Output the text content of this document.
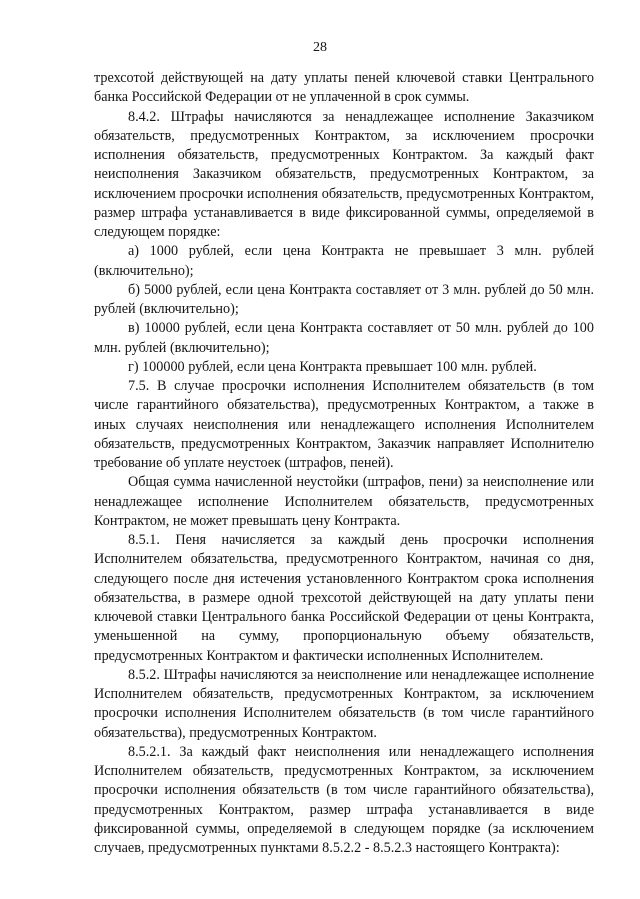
28

трехсотой действующей на дату уплаты пеней ключевой ставки Центрального банка Российской Федерации от не уплаченной в срок суммы.

8.4.2. Штрафы начисляются за ненадлежащее исполнение Заказчиком обязательств, предусмотренных Контрактом, за исключением просрочки исполнения обязательств, предусмотренных Контрактом. За каждый факт неисполнения Заказчиком обязательств, предусмотренных Контрактом, за исключением просрочки исполнения обязательств, предусмотренных Контрактом, размер штрафа устанавливается в виде фиксированной суммы, определяемой в следующем порядке:

а) 1000 рублей, если цена Контракта не превышает 3 млн. рублей (включительно);

б) 5000 рублей, если цена Контракта составляет от 3 млн. рублей до 50 млн. рублей (включительно);

в) 10000 рублей, если цена Контракта составляет от 50 млн. рублей до 100 млн. рублей (включительно);

г) 100000 рублей, если цена Контракта превышает 100 млн. рублей.

7.5. В случае просрочки исполнения Исполнителем обязательств (в том числе гарантийного обязательства), предусмотренных Контрактом, а также в иных случаях неисполнения или ненадлежащего исполнения Исполнителем обязательств, предусмотренных Контрактом, Заказчик направляет Исполнителю требование об уплате неустоек (штрафов, пеней).

Общая сумма начисленной неустойки (штрафов, пени) за неисполнение или ненадлежащее исполнение Исполнителем обязательств, предусмотренных Контрактом, не может превышать цену Контракта.

8.5.1. Пеня начисляется за каждый день просрочки исполнения Исполнителем обязательства, предусмотренного Контрактом, начиная со дня, следующего после дня истечения установленного Контрактом срока исполнения обязательства, в размере одной трехсотой действующей на дату уплаты пени ключевой ставки Центрального банка Российской Федерации от цены Контракта, уменьшенной на сумму, пропорциональную объему обязательств, предусмотренных Контрактом и фактически исполненных Исполнителем.

8.5.2. Штрафы начисляются за неисполнение или ненадлежащее исполнение Исполнителем обязательств, предусмотренных Контрактом, за исключением просрочки исполнения Исполнителем обязательств (в том числе гарантийного обязательства), предусмотренных Контрактом.

8.5.2.1. За каждый факт неисполнения или ненадлежащего исполнения Исполнителем обязательств, предусмотренных Контрактом, за исключением просрочки исполнения обязательств (в том числе гарантийного обязательства), предусмотренных Контрактом, размер штрафа устанавливается в виде фиксированной суммы, определяемой в следующем порядке (за исключением случаев, предусмотренных пунктами 8.5.2.2 - 8.5.2.3 настоящего Контракта):
